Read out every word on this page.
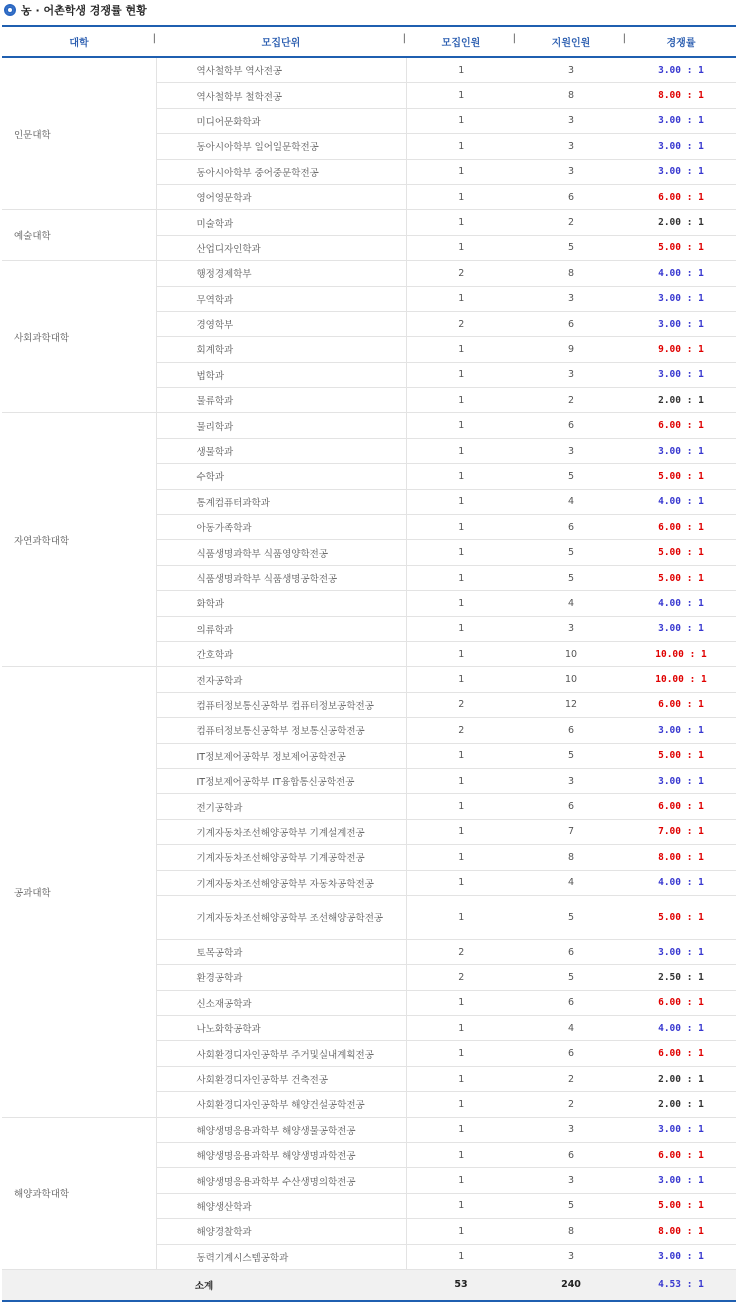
농 · 어촌학생 경쟁률 현황
대학 |	모집단위 |	모집인원 |	지원인원 |	경쟁률
인문대학	역사철학부 역사전공	1	3	3.00 : 1
	역사철학부 철학전공	1	8	8.00 : 1
	미디어문화학과	1	3	3.00 : 1
	동아시아학부 일어일문학전공	1	3	3.00 : 1
	동아시아학부 중어중문학전공	1	3	3.00 : 1
	영어영문학과	1	6	6.00 : 1
예술대학	미술학과	1	2	2.00 : 1
	산업디자인학과	1	5	5.00 : 1
사회과학대학	행정경제학부	2	8	4.00 : 1
	무역학과	1	3	3.00 : 1
	경영학부	2	6	3.00 : 1
	회계학과	1	9	9.00 : 1
	법학과	1	3	3.00 : 1
	물류학과	1	2	2.00 : 1
자연과학대학	물리학과	1	6	6.00 : 1
	생물학과	1	3	3.00 : 1
	수학과	1	5	5.00 : 1
	통계컴퓨터과학과	1	4	4.00 : 1
	아동가족학과	1	6	6.00 : 1
	식품생명과학부 식품영양학전공	1	5	5.00 : 1
	식품생명과학부 식품생명공학전공	1	5	5.00 : 1
	화학과	1	4	4.00 : 1
	의류학과	1	3	3.00 : 1
	간호학과	1	10	10.00 : 1
공과대학	전자공학과	1	10	10.00 : 1
	컴퓨터정보통신공학부 컴퓨터정보공학전공	2	12	6.00 : 1
	컴퓨터정보통신공학부 정보통신공학전공	2	6	3.00 : 1
	IT정보제어공학부 정보제어공학전공	1	5	5.00 : 1
	IT정보제어공학부 IT융합통신공학전공	1	3	3.00 : 1
	전기공학과	1	6	6.00 : 1
	기계자동차조선해양공학부 기계설계전공	1	7	7.00 : 1
	기계자동차조선해양공학부 기계공학전공	1	8	8.00 : 1
	기계자동차조선해양공학부 자동차공학전공	1	4	4.00 : 1
	기계자동차조선해양공학부 조선해양공학전공	1	5	5.00 : 1
	토목공학과	2	6	3.00 : 1
	환경공학과	2	5	2.50 : 1
	신소재공학과	1	6	6.00 : 1
	나노화학공학과	1	4	4.00 : 1
	사회환경디자인공학부 주거및실내계획전공	1	6	6.00 : 1
	사회환경디자인공학부 건축전공	1	2	2.00 : 1
	사회환경디자인공학부 해양건설공학전공	1	2	2.00 : 1
해양과학대학	해양생명응용과학부 해양생물공학전공	1	3	3.00 : 1
	해양생명응용과학부 해양생명과학전공	1	6	6.00 : 1
	해양생명응용과학부 수산생명의학전공	1	3	3.00 : 1
	해양생산학과	1	5	5.00 : 1
	해양경찰학과	1	8	8.00 : 1
	동력기계시스템공학과	1	3	3.00 : 1
소계		53	240	4.53 : 1
